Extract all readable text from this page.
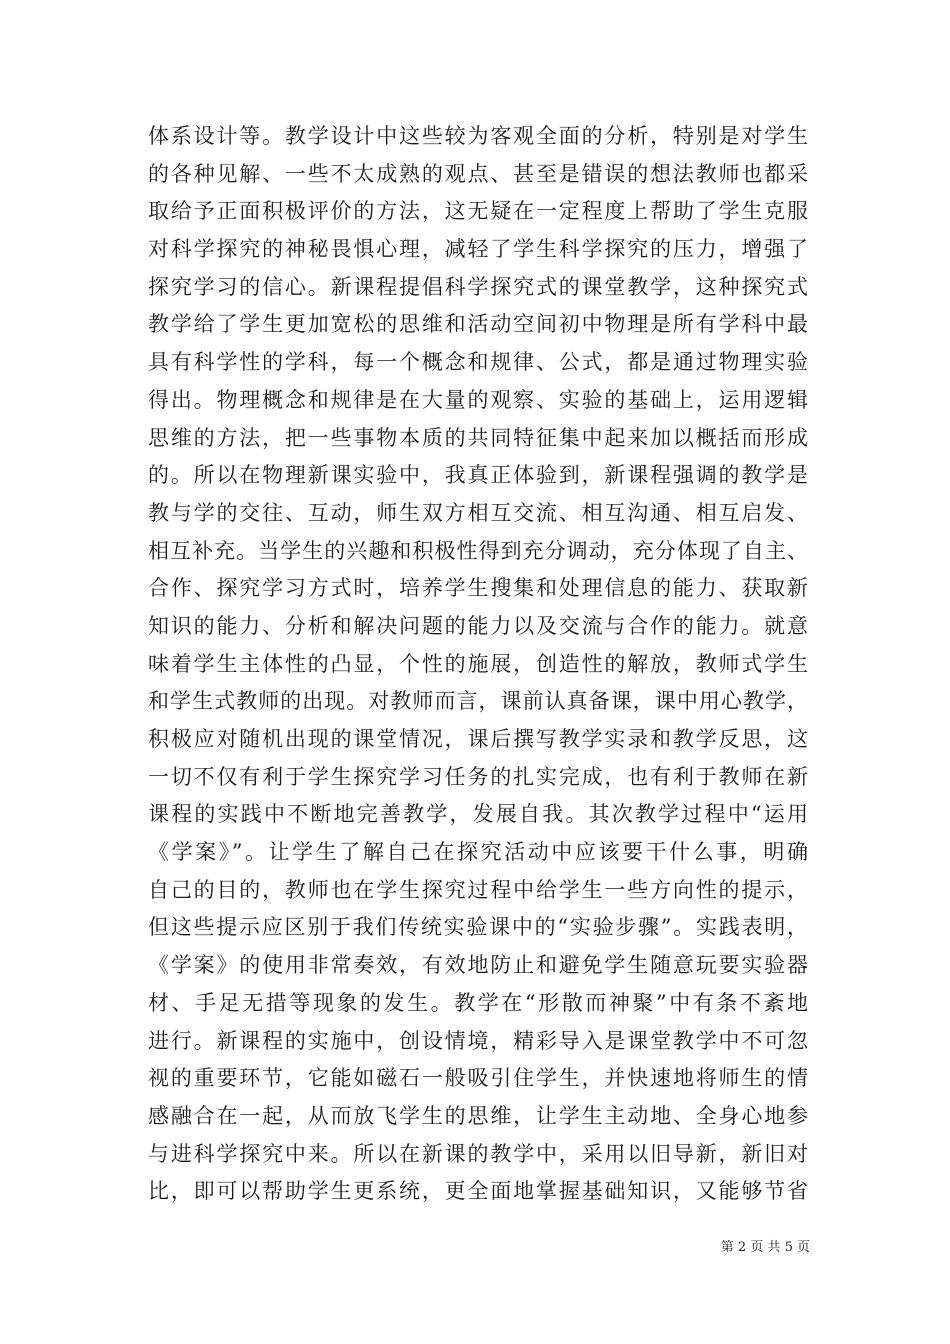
体系设计等。教学设计中这些较为客观全面的分析，特别是对学生
的各种见解、一些不太成熟的观点、甚至是错误的想法教师也都采
取给予正面积极评价的方法，这无疑在一定程度上帮助了学生克服
对科学探究的神秘畏惧心理，减轻了学生科学探究的压力，增强了
探究学习的信心。新课程提倡科学探究式的课堂教学，这种探究式
教学给了学生更加宽松的思维和活动空间初中物理是所有学科中最
具有科学性的学科，每一个概念和规律、公式，都是通过物理实验
得出。物理概念和规律是在大量的观察、实验的基础上，运用逻辑
思维的方法，把一些事物本质的共同特征集中起来加以概括而形成
的。所以在物理新课实验中，我真正体验到，新课程强调的教学是
教与学的交往、互动，师生双方相互交流、相互沟通、相互启发、
相互补充。当学生的兴趣和积极性得到充分调动，充分体现了自主、
合作、探究学习方式时，培养学生搜集和处理信息的能力、获取新
知识的能力、分析和解决问题的能力以及交流与合作的能力。就意
味着学生主体性的凸显，个性的施展，创造性的解放，教师式学生
和学生式教师的出现。对教师而言，课前认真备课，课中用心教学，
积极应对随机出现的课堂情况，课后撰写教学实录和教学反思，这
一切不仅有利于学生探究学习任务的扎实完成，也有利于教师在新
课程的实践中不断地完善教学，发展自我。其次教学过程中“运用
《学案》”。让学生了解自己在探究活动中应该要干什么事，明确
自己的目的，教师也在学生探究过程中给学生一些方向性的提示，
但这些提示应区别于我们传统实验课中的“实验步骤”。实践表明，
《学案》的使用非常奏效，有效地防止和避免学生随意玩要实验器
材、手足无措等现象的发生。教学在“形散而神聚”中有条不紊地
进行。新课程的实施中，创设情境，精彩导入是课堂教学中不可忽
视的重要环节，它能如磁石一般吸引住学生，并快速地将师生的情
感融合在一起，从而放飞学生的思维，让学生主动地、全身心地参
与进科学探究中来。所以在新课的教学中，采用以旧导新，新旧对
比，即可以帮助学生更系统，更全面地掌握基础知识，又能够节省
第 2 页 共 5 页
